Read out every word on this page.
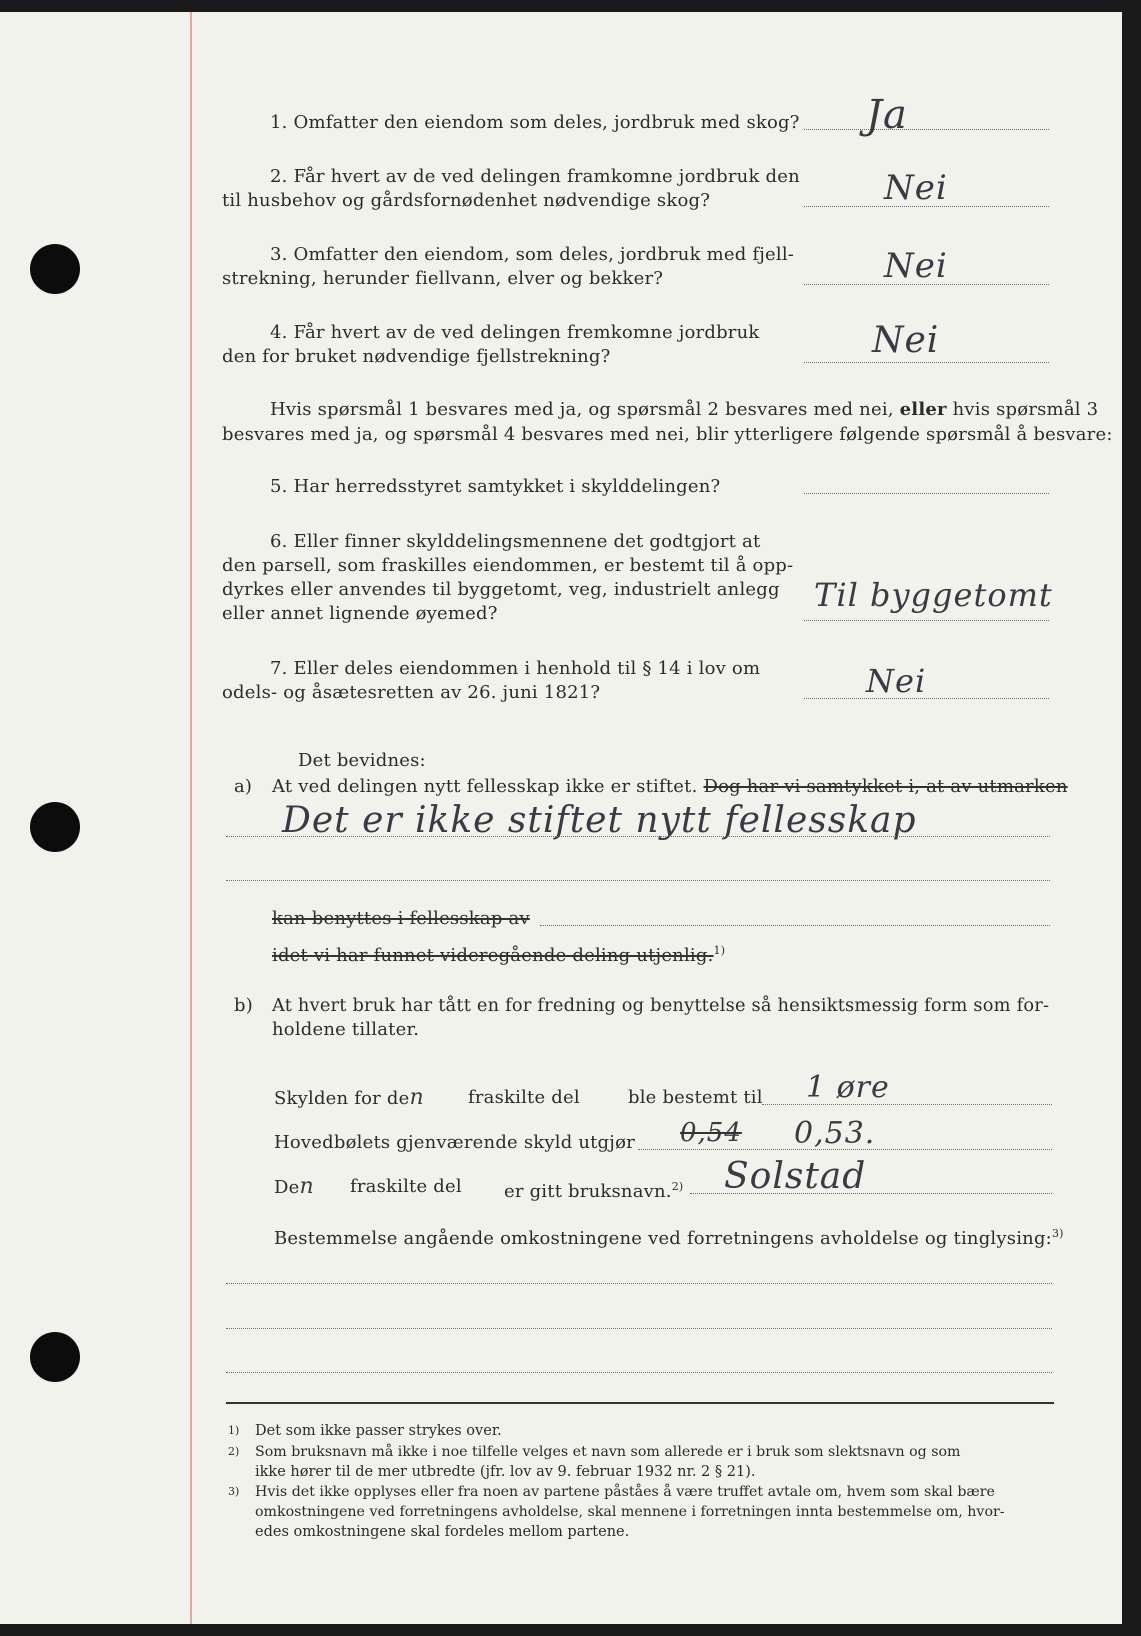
1. Omfatter den eiendom som deles, jordbruk med skog? Ja
2. Får hvert av de ved delingen framkomne jordbruk den
til husbehov og gårdsfornødenhet nødvendige skog?	Nei
3. Omfatter den eiendom, som deles, jordbruk med fjell-
strekning, herunder fiellvann, elver og bekker?	Nei
4. Får hvert av de ved delingen fremkomne jordbruk
den for bruket nødvendige fjellstrekning?	Nei
Hvis spørsmål 1 besvares med ja, og spørsmål 2 besvares med nei, eller hvis spørsmål 3
besvares med ja, og spørsmål 4 besvares med nei, blir ytterligere følgende spørsmål å besvare:
5. Har herredsstyret samtykket i skylddelingen?
6. Eller finner skylddelingsmennene det godtgjort at
den parsell, som fraskilles eiendommen, er bestemt til å opp-
dyrkes eller anvendes til byggetomt, veg, industrielt anlegg
eller annet lignende øyemed?	Til byggetomt
7. Eller deles eiendommen i henhold til § 14 i lov om
odels- og åsætesretten av 26. juni 1821?	Nei
Det bevidnes:
a) At ved delingen nytt fellesskap ikke er stiftet. Dog har vi samtykket i, at av utmarken
Det er ikke stiftet nytt fellesskap
kan benyttes i fellesskap av
idet vi har funnet videregående deling utjenlig.$^{1)}$
b) At hvert bruk har tått en for fredning og benyttelse så hensiktsmessig form som for-
holdene tillater.
Skylden for den fraskilte del	ble bestemt til 1 øre
Hovedbølets gjenværende skyld utgjør 0,54 0,53.
Den fraskilte del er gitt bruksnavn.$^{2)}$ Solstad
Bestemmelse angående omkostningene ved forretningens avholdelse og tinglysing:$^{3)}$
1) Det som ikke passer strykes over.
2) Som bruksnavn må ikke i noe tilfelle velges et navn som allerede er i bruk som slektsnavn og som
ikke hører til de mer utbredte (jfr. lov av 9. februar 1932 nr. 2 § 21).
3) Hvis det ikke opplyses eller fra noen av partene påståes å være truffet avtale om, hvem som skal bære
omkostningene ved forretningens avholdelse, skal mennene i forretningen innta bestemmelse om, hvor-
edes omkostningene skal fordeles mellom partene.
